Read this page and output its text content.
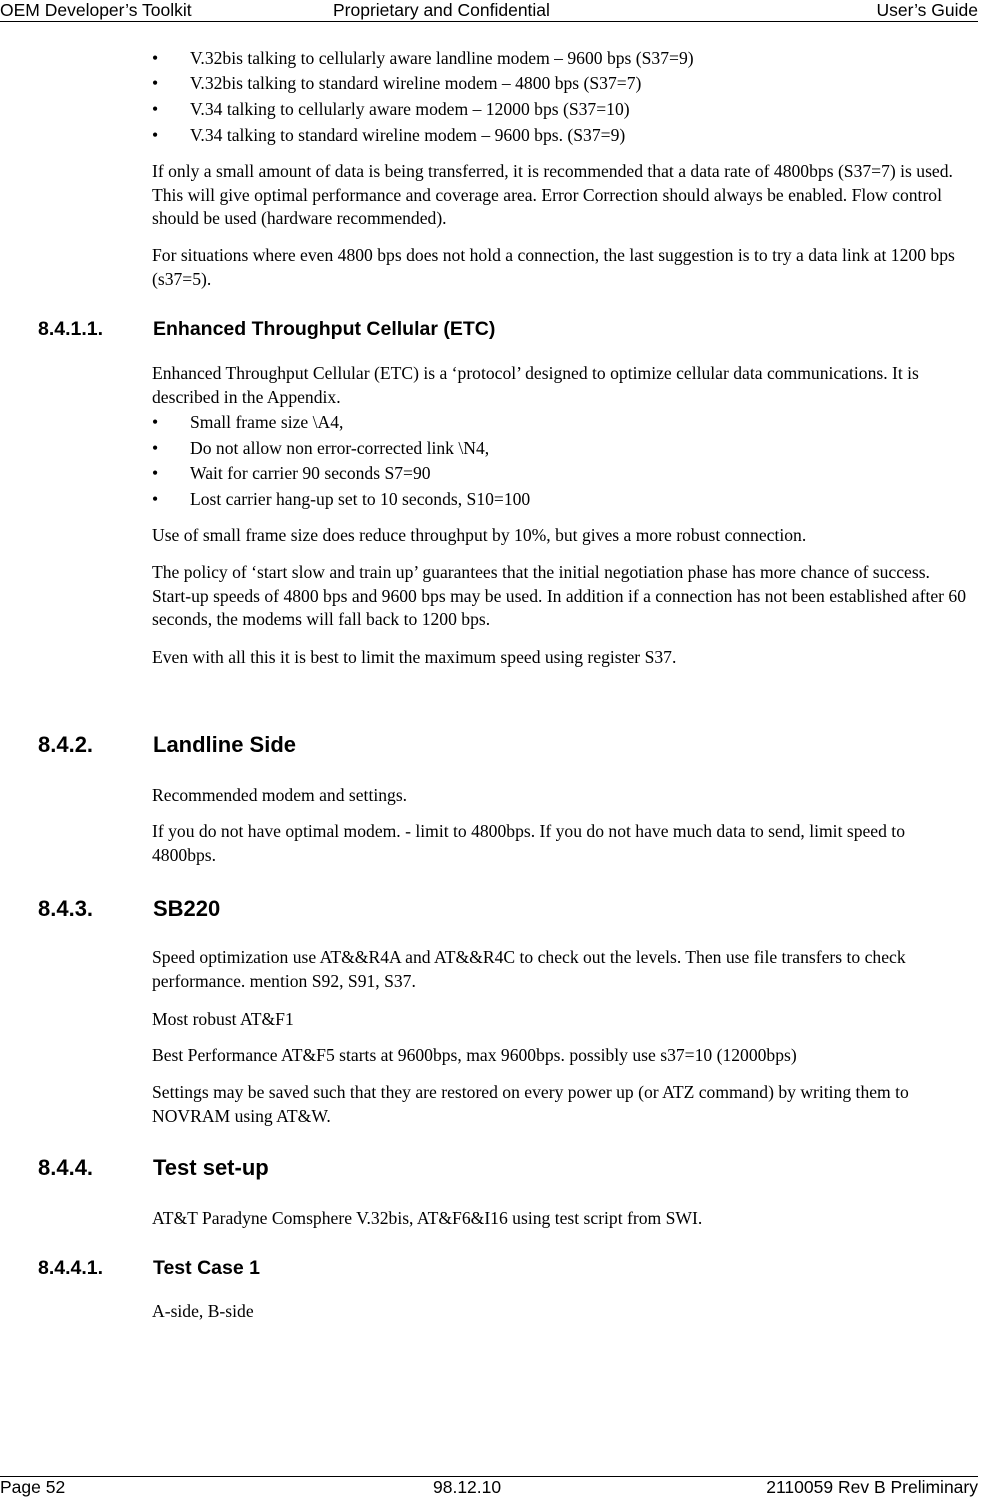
OEM Developer’s Toolkit	Proprietary and Confidential	User’s Guide
• V.32bis talking to cellularly aware landline modem – 9600 bps (S37=9)
• V.32bis talking to standard wireline modem – 4800 bps (S37=7)
• V.34 talking to cellularly aware modem – 12000 bps (S37=10)
• V.34 talking to standard wireline modem – 9600 bps. (S37=9)

If only a small amount of data is being transferred, it is recommended that a data rate of 4800bps (S37=7) is used. This will give optimal performance and coverage area. Error Correction should always be enabled. Flow control should be used (hardware recommended).

For situations where even 4800 bps does not hold a connection, the last suggestion is to try a data link at 1200 bps (s37=5).

8.4.1.1.	Enhanced Throughput Cellular (ETC)

Enhanced Throughput Cellular (ETC) is a ‘protocol’ designed to optimize cellular data communications. It is described in the Appendix.

• Small frame size \A4,
• Do not allow non error-corrected link \N4,
• Wait for carrier 90 seconds S7=90
• Lost carrier hang-up set to 10 seconds, S10=100

Use of small frame size does reduce throughput by 10%, but gives a more robust connection.

The policy of ‘start slow and train up’ guarantees that the initial negotiation phase has more chance of success. Start-up speeds of 4800 bps and 9600 bps may be used. In addition if a connection has not been established after 60 seconds, the modems will fall back to 1200 bps.

Even with all this it is best to limit the maximum speed using register S37.

8.4.2.	Landline Side

Recommended modem and settings.

If you do not have optimal modem. - limit to 4800bps. If you do not have much data to send, limit speed to 4800bps.

8.4.3.	SB220

Speed optimization use AT&&R4A and AT&&R4C to check out the levels. Then use file transfers to check performance. mention S92, S91, S37.

Most robust AT&F1

Best Performance AT&F5 starts at 9600bps, max 9600bps. possibly use s37=10 (12000bps)

Settings may be saved such that they are restored on every power up (or ATZ command) by writing them to NOVRAM using AT&W.

8.4.4.	Test set-up

AT&T Paradyne Comsphere V.32bis, AT&F6&I16 using test script from SWI.

8.4.4.1.	Test Case 1

A-side, B-side

Page 52	98.12.10	2110059 Rev B Preliminary
